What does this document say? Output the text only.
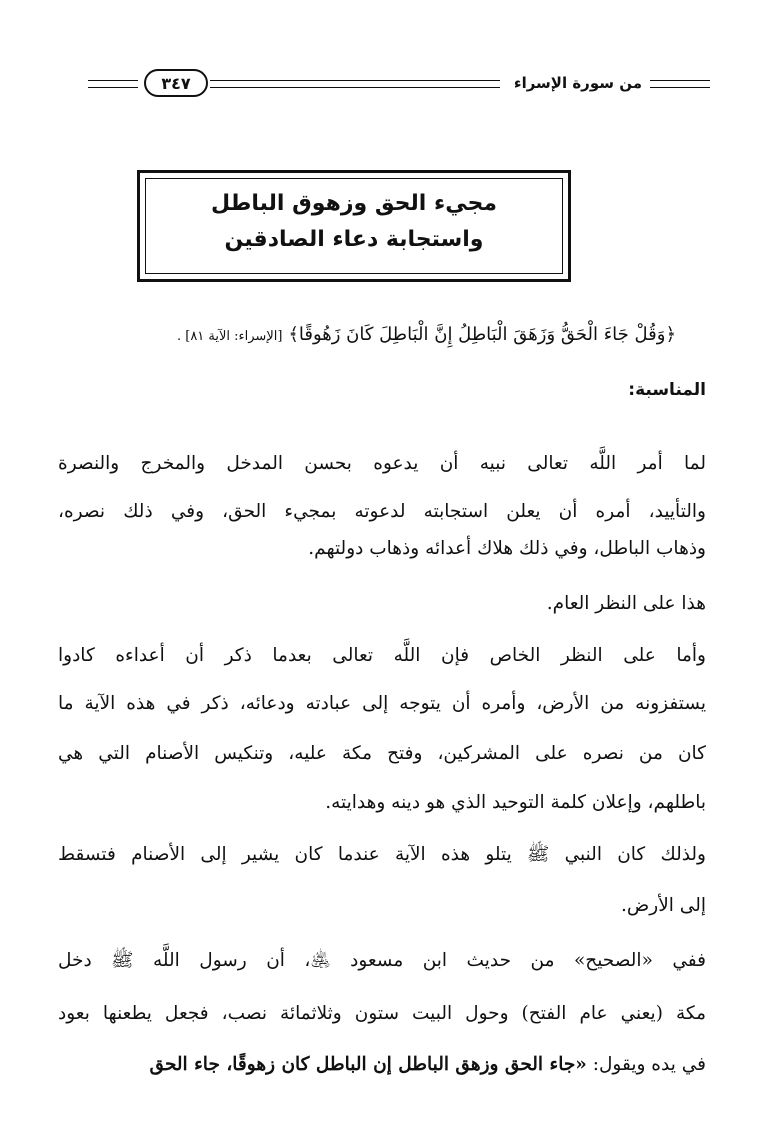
٣٤٧	من سورة الإسراء
مجيء الحق وزهوق الباطل
واستجابة دعاء الصادقين
﴿وَقُلْ جَاءَ الْحَقُّ وَزَهَقَ الْبَاطِلُ إِنَّ الْبَاطِلَ كَانَ زَهُوقًا﴾ [الإسراء: الآية ٨١] .
المناسبة:
لما أمر اللَّه تعالى نبيه أن يدعوه بحسن المدخل والمخرج والنصرة
والتأييد، أمره أن يعلن استجابته لدعوته بمجيء الحق، وفي ذلك نصره،
وذهاب الباطل، وفي ذلك هلاك أعدائه وذهاب دولتهم.
هذا على النظر العام.
وأما على النظر الخاص فإن اللَّه تعالى بعدما ذكر أن أعداءه كادوا
يستفزونه من الأرض، وأمره أن يتوجه إلى عبادته ودعائه، ذكر في هذه الآية ما
كان من نصره على المشركين، وفتح مكة عليه، وتنكيس الأصنام التي هي
باطلهم، وإعلان كلمة التوحيد الذي هو دينه وهدايته.
ولذلك كان النبي ﷺ يتلو هذه الآية عندما كان يشير إلى الأصنام فتسقط
إلى الأرض.
ففي «الصحيح» من حديث ابن مسعود ﵁، أن رسول اللَّه ﷺ دخل
مكة (يعني عام الفتح) وحول البيت ستون وثلاثمائة نصب، فجعل يطعنها بعود
في يده ويقول: «جاء الحق وزهق الباطل إن الباطل كان زهوقًا، جاء الحق
